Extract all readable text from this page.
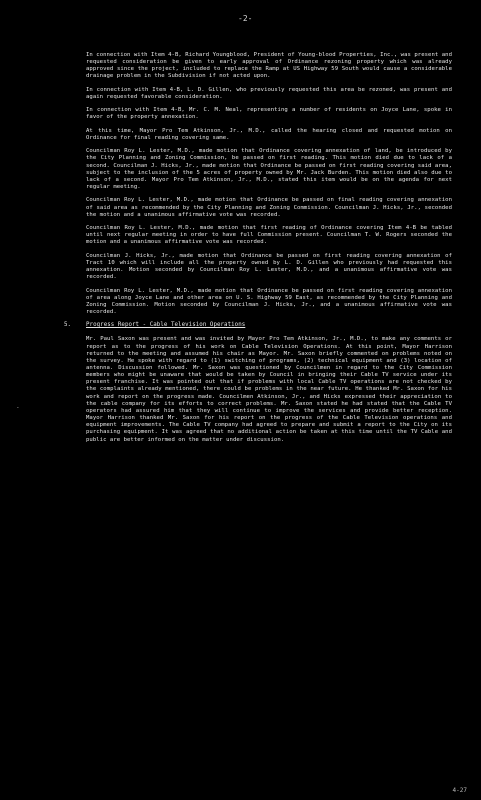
-2-

In connection with Item 4-B, Richard Youngblood, President of Young-blood Properties, Inc., was present and requested consideration be given to early approval of Ordinance rezoning property which was already approved since the project, included to replace the Ramp at US Highway 59 South would cause a considerable drainage problem in the Subdivision if not acted upon.

In connection with Item 4-B, L. D. Gillen, who previously requested this area be rezoned, was present and again requested favorable consideration.

In connection with Item 4-B, Mr. C. M. Neal, representing a number of residents on Joyce Lane, spoke in favor of the property annexation.

At this time, Mayor Pro Tem Atkinson, Jr., M.D., called the hearing closed and requested motion on Ordinance for final reading covering same.

Councilman Roy L. Lester, M.D., made motion that Ordinance covering annexation of land, be introduced by the City Planning and Zoning Commission, be passed on first reading. This motion died due to lack of a second. Councilman J. Hicks, Jr., made motion that Ordinance be passed on first reading covering said area, subject to the inclusion of the 5 acres of property owned by Mr. Jack Burden. This motion died also due to lack of a second. Mayor Pro Tem Atkinson, Jr., M.D., stated this item would be on the agenda for next regular meeting.

Councilman Roy L. Lester, M.D., made motion that Ordinance be passed on final reading covering annexation of said area as recommended by the City Planning and Zoning Commission. Councilman J. Hicks, Jr., seconded the motion and a unanimous affirmative vote was recorded.

Councilman Roy L. Lester, M.D., made motion that first reading of Ordinance covering Item 4-B be tabled until next regular meeting in order to have full Commission present. Councilman T. W. Rogers seconded the motion and a unanimous affirmative vote was recorded.

Councilman J. Hicks, Jr., made motion that Ordinance be passed on first reading covering annexation of Tract 10 which will include all the property owned by L. D. Gillen who previously had requested this annexation. Motion seconded by Councilman Roy L. Lester, M.D., and a unanimous affirmative vote was recorded.

Councilman Roy L. Lester, M.D., made motion that Ordinance be passed on first reading covering annexation of area along Joyce Lane and other area on U. S. Highway 59 East, as recommended by the City Planning and Zoning Commission. Motion seconded by Councilman J. Hicks, Jr., and a unanimous affirmative vote was recorded.

5.	Progress Report - Cable Television Operations

Mr. Paul Saxon was present and was invited by Mayor Pro Tem Atkinson, Jr., M.D., to make any comments or report as to the progress of his work on Cable Television Operations. At this point, Mayor Harrison returned to the meeting and assumed his chair as Mayor. Mr. Saxon briefly commented on problems noted on the survey. He spoke with regard to (1) switching of programs, (2) technical equipment and (3) location of antenna. Discussion followed. Mr. Saxon was questioned by Councilmen in regard to the City Commission members who might be unaware that would be taken by Council in bringing their Cable TV service under its present franchise. It was pointed out that if problems with local Cable TV operations are not checked by the complaints already mentioned, there could be problems in the near future. He thanked Mr. Saxon for his work and report on the progress made. Councilmen Atkinson, Jr., and Hicks expressed their appreciation to the cable company for its efforts to correct problems. Mr. Saxon stated he had stated that the Cable TV operators had assured him that they will continue to improve the services and provide better reception. Mayor Harrison thanked Mr. Saxon for his report on the progress of the Cable Television operations and equipment improvements. The Cable TV company had agreed to prepare and submit a report to the City on its purchasing equipment. It was agreed that no additional action be taken at this time until the TV Cable and public are better informed on the matter under discussion.

-
4-27
